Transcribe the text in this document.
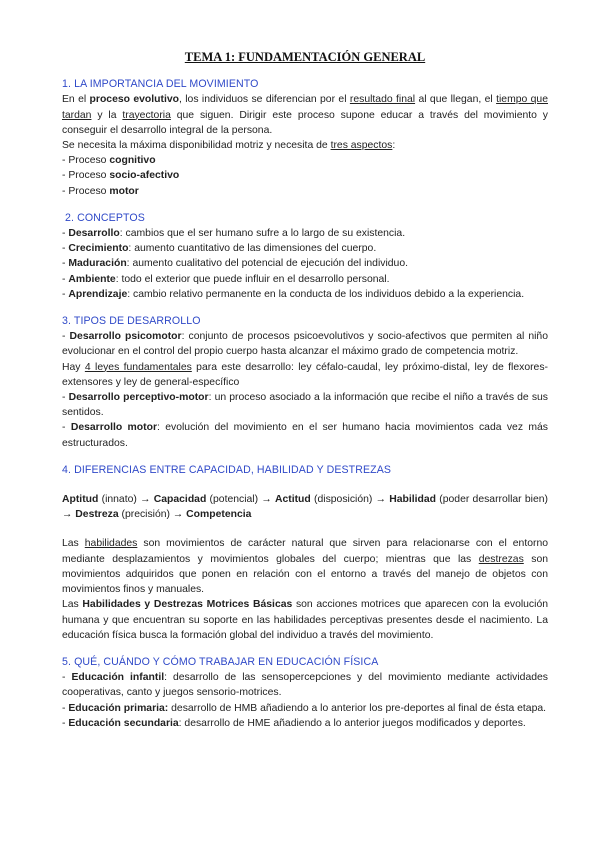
TEMA 1: FUNDAMENTACIÓN GENERAL
1. LA IMPORTANCIA DEL MOVIMIENTO

En el proceso evolutivo, los individuos se diferencian por el resultado final al que llegan, el tiempo que tardan y la trayectoria que siguen. Dirigir este proceso supone educar a través del movimiento y conseguir el desarrollo integral de la persona.

Se necesita la máxima disponibilidad motriz y necesita de tres aspectos:

- Proceso cognitivo

- Proceso socio-afectivo

- Proceso motor

2. CONCEPTOS

- Desarrollo: cambios que el ser humano sufre a lo largo de su existencia.

- Crecimiento: aumento cuantitativo de las dimensiones del cuerpo.

- Maduración: aumento cualitativo del potencial de ejecución del individuo.

- Ambiente: todo el exterior que puede influir en el desarrollo personal.

- Aprendizaje: cambio relativo permanente en la conducta de los individuos debido a la experiencia.

3. TIPOS DE DESARROLLO

- Desarrollo psicomotor: conjunto de procesos psicoevolutivos y socio-afectivos que permiten al niño evolucionar en el control del propio cuerpo hasta alcanzar el máximo grado de competencia motriz.

Hay 4 leyes fundamentales para este desarrollo: ley céfalo-caudal, ley próximo-distal, ley de flexores-extensores y ley de general-específico

- Desarrollo perceptivo-motor: un proceso asociado a la información que recibe el niño a través de sus sentidos.

- Desarrollo motor: evolución del movimiento en el ser humano hacia movimientos cada vez más estructurados.

4. DIFERENCIAS ENTRE CAPACIDAD, HABILIDAD Y DESTREZAS

Aptitud (innato) → Capacidad (potencial) → Actitud (disposición) → Habilidad (poder desarrollar bien) → Destreza (precisión) → Competencia

Las habilidades son movimientos de carácter natural que sirven para relacionarse con el entorno mediante desplazamientos y movimientos globales del cuerpo; mientras que las destrezas son movimientos adquiridos que ponen en relación con el entorno a través del manejo de objetos con movimientos finos y manuales.

Las Habilidades y Destrezas Motrices Básicas son acciones motrices que aparecen con la evolución humana y que encuentran su soporte en las habilidades perceptivas presentes desde el nacimiento. La educación física busca la formación global del individuo a través del movimiento.

5. QUÉ, CUÁNDO Y CÓMO TRABAJAR EN EDUCACIÓN FÍSICA

- Educación infantil: desarrollo de las sensopercepciones y del movimiento mediante actividades cooperativas, canto y juegos sensorio-motrices.

- Educación primaria: desarrollo de HMB añadiendo a lo anterior los pre-deportes al final de ésta etapa.

- Educación secundaria: desarrollo de HME añadiendo a lo anterior juegos modificados y deportes.
